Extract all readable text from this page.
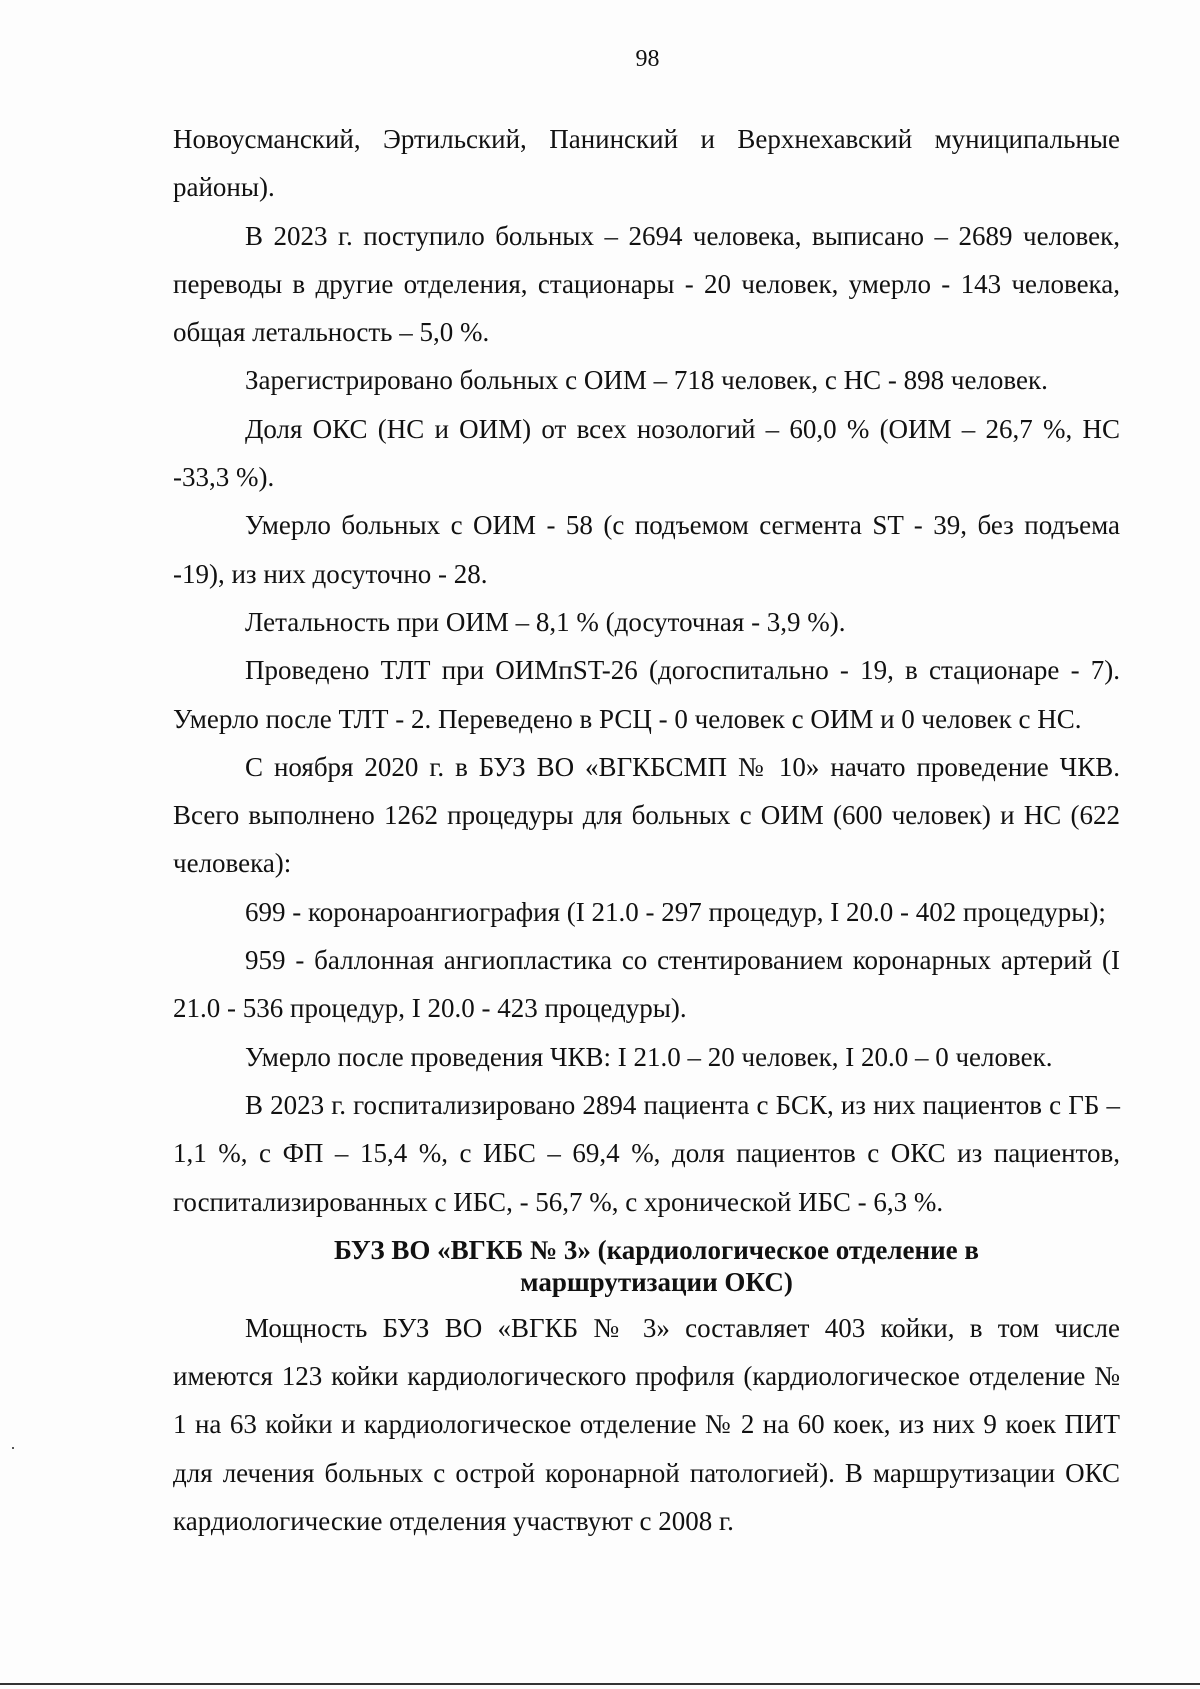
98

Новоусманский, Эртильский, Панинский и Верхнехавский муниципальные районы).

В 2023 г. поступило больных – 2694 человека, выписано – 2689 человек, переводы в другие отделения, стационары - 20 человек, умерло - 143 человека, общая летальность – 5,0 %.

Зарегистрировано больных с ОИМ – 718 человек, с НС - 898 человек.

Доля ОКС (НС и ОИМ) от всех нозологий – 60,0 % (ОИМ – 26,7 %, НС -33,3 %).

Умерло больных с ОИМ - 58 (с подъемом сегмента ST - 39, без подъема -19), из них досуточно - 28.

Летальность при ОИМ – 8,1 % (досуточная - 3,9 %).

Проведено ТЛТ при ОИМпST-26 (догоспитально - 19, в стационаре - 7). Умерло после ТЛТ - 2. Переведено в РСЦ - 0 человек с ОИМ и 0 человек с НС.

С ноября 2020 г. в БУЗ ВО «ВГКБСМП № 10» начато проведение ЧКВ. Всего выполнено 1262 процедуры для больных с ОИМ (600 человек) и НС (622 человека):

699 - коронароангиография (I 21.0 - 297 процедур, I 20.0 - 402 процедуры);

959 - баллонная ангиопластика со стентированием коронарных артерий (I 21.0 - 536 процедур, I 20.0 - 423 процедуры).

Умерло после проведения ЧКВ: I 21.0 – 20 человек, I 20.0 – 0 человек.

В 2023 г. госпитализировано 2894 пациента с БСК, из них пациентов с ГБ – 1,1 %, с ФП – 15,4 %, с ИБС – 69,4 %, доля пациентов с ОКС из пациентов, госпитализированных с ИБС, - 56,7 %, с хронической ИБС - 6,3 %.

БУЗ ВО «ВГКБ № 3» (кардиологическое отделение в
маршрутизации ОКС)

Мощность БУЗ ВО «ВГКБ № 3» составляет 403 койки, в том числе имеются 123 койки кардиологического профиля (кардиологическое отделение № 1 на 63 койки и кардиологическое отделение № 2 на 60 коек, из них 9 коек ПИТ для лечения больных с острой коронарной патологией). В маршрутизации ОКС кардиологические отделения участвуют с 2008 г.
